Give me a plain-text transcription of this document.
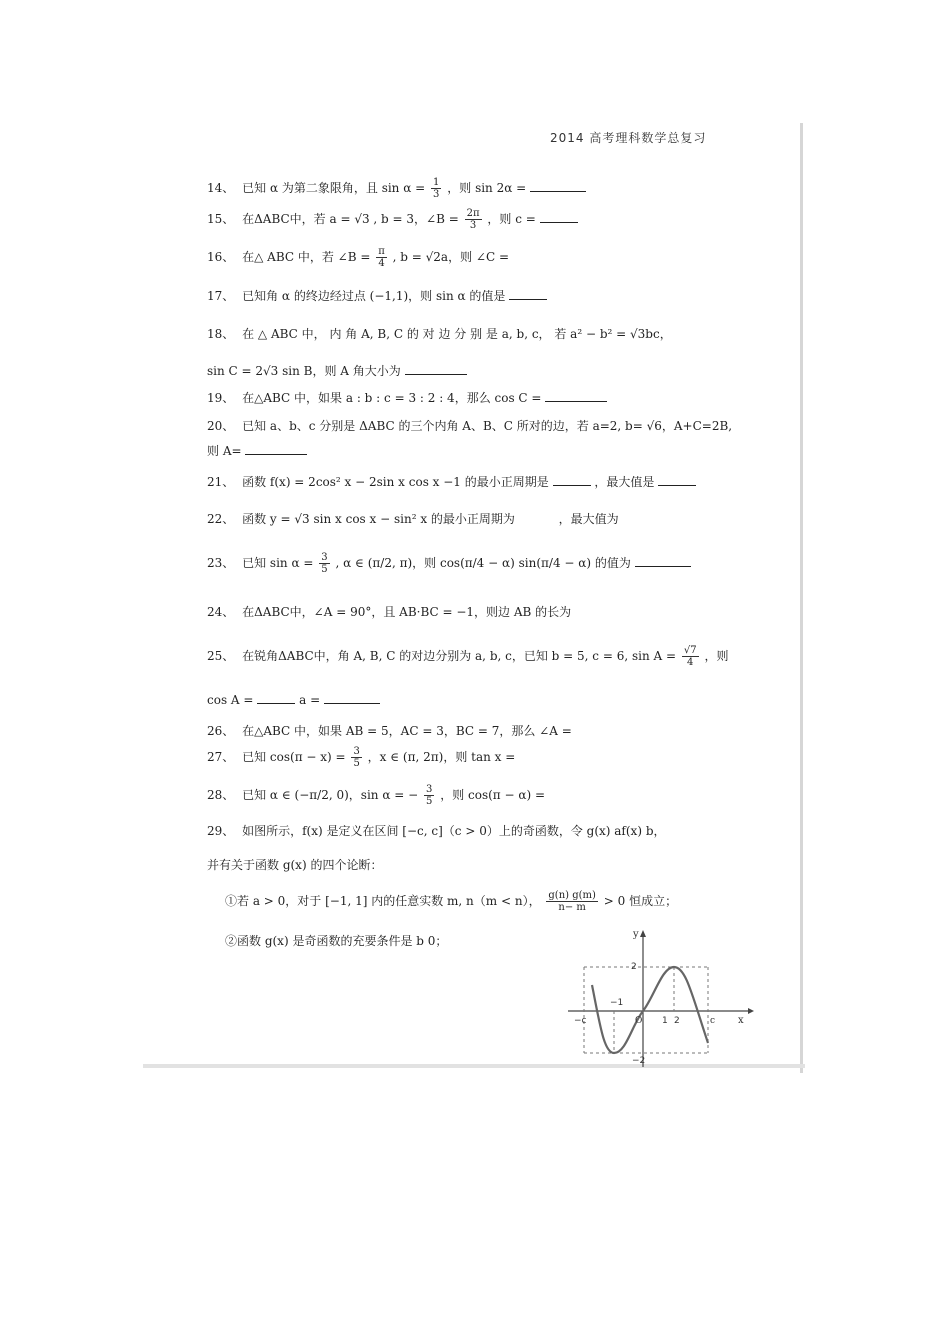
2014 高考理科数学总复习
14、 已知 α 为第二象限角，且 $\sin \alpha = \frac{1}{3}$ ，则 sin 2α =
15、 在ΔABC中，若 a = √3 , b = 3，∠B = $\frac{2\pi}{3}$ ，则 c =
16、 在△ ABC 中，若 ∠B = $\frac{\pi}{4}$ , b = √2a，则 ∠C =
17、 已知角 α 的终边经过点 (−1,1)，则 sin α 的值是
18、 在 △ ABC 中， 内 角 A, B, C 的 对 边 分 别 是 a, b, c， 若 a² − b² = √3bc，
sin C = 2√3 sin B，则 A 角大小为
19、 在△ABC 中，如果 a : b : c = 3 : 2 : 4，那么 cos C =
20、 已知 a、b、c 分别是 ΔABC 的三个内角 A、B、C 所对的边，若 a=2, b= √6，A+C=2B,
则 A=
21、 函数 f(x) = 2cos² x − 2sin x cos x −1 的最小正周期是	，最大值是
22、 函数 y = √3 sin x cos x − sin² x 的最小正周期为	，最大值为
23、 已知 $\sin \alpha = \frac{3}{5}$ , α ∈ (π/2, π)，则 cos(π/4 − α) sin(π/4 − α) 的值为
24、 在ΔABC中，∠A = 90°，且 AB·BC = −1，则边 AB 的长为
25、 在锐角ΔABC中，角 A, B, C 的对边分别为 a, b, c，已知 b = 5, c = 6, $\sin A = \frac{√7}{4}$ ，则
cos A =	a =
26、 在△ABC 中，如果 AB = 5，AC = 3，BC = 7，那么 ∠A =
27、 已知 $\cos(\pi - x) = \frac{3}{5}$ ，x ∈ (π, 2π)，则 tan x =
28、 已知 α ∈ (−π/2, 0)，sin α = − $\frac{3}{5}$ ，则 cos(π − α) =
29、 如图所示，f(x) 是定义在区间 [−c, c]（c > 0）上的奇函数，令 g(x) af(x) b，
并有关于函数 g(x) 的四个论断：
①若 a > 0，对于 [−1, 1] 内的任意实数 m, n（m < n）， $\frac{g(n) g(m)}{n- m} > 0$ 恒成立；
②函数 g(x) 是奇函数的充要条件是 b 0；	y
x
2
−2
−c
−1
O 1 2	c
